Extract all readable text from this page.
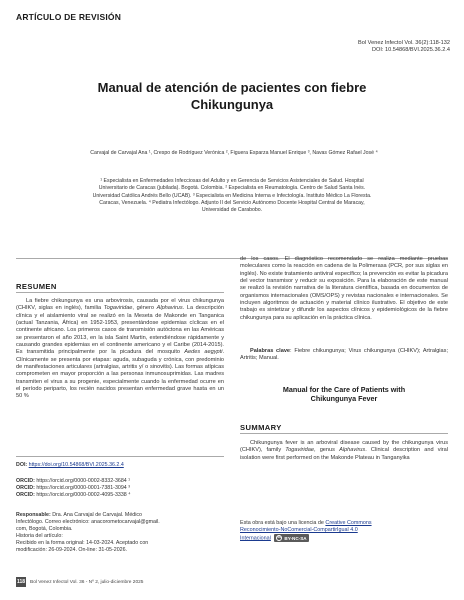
ARTÍCULO DE REVISIÓN
Bol Venez Infectol Vol. 36(2):118-132
DOI: 10.54868/BVI.2025.36.2.4
Manual de atención de pacientes con fiebre
Chikungunya
Carvajal de Carvajal Ana ¹, Crespo de Rodríguez Verónica ², Figuera Esparza Manuel Enrique ³, Navas Gómez Rafael José ⁴
¹ Especialista en Enfermedades Infecciosas del Adulto y en Gerencia de Servicios Asistenciales de Salud. Hospital
Universitario de Caracas (jubilada). Bogotá. Colombia. ² Especialista en Reumatología. Centro de Salud Santa Inés.
Universidad Católica Andrés Bello (UCAB). ³ Especialista en Medicina Interna e Infectología. Instituto Médico La Floresta.
Caracas, Venezuela. ⁴ Pediatra Infectólogo. Adjunto II del Servicio Autónomo Docente Hospital Central de Maracay,
Universidad de Carabobo.
RESUMEN
La fiebre chikungunya es una arbovirosis, causada por el virus chikungunya (CHIKV, siglas en inglés), familia Togaviridae, género Alphavirus. La descripción clínica y el aislamiento viral se realizó en la Meseta de Makonde en Tanganica (actual Tanzania, África) en 1952-1953, presentándose epidemias cíclicas en el continente africano. Los primeros casos de transmisión autóctona en las Américas se presentaron el año 2013, en la isla Saint Martin, extendiéndose rápidamente y causando grandes epidemias en el continente americano y el Caribe (2014-2015). Es transmitida principalmente por la picadura del mosquito Aedes aegypti. Clínicamente se presenta por etapas: aguda, subaguda y crónica, con predominio de manifestaciones articulares (artralgias, artritis y/ o sinovitis). Las formas atípicas comprometen en mayor proporción a las personas inmunosuprimidas. Las madres transmiten el virus a su progenie, especialmente cuando la enfermedad ocurre en el período periparto, los recién nacidos presentan enfermedad grave hasta en un 50 %
DOI: https://doi.org/10.54868/BVI.2025.36.2.4
ORCID: https://orcid.org/0000-0002-8332-3684 ¹
ORCID: https://orcid.org/0000-0001-7381-3094 ³
ORCID: https://orcid.org/0000-0002-4095-3338 ⁴
Responsable: Dra. Ana Carvajal de Carvajal. Médico
Infectólogo. Correo electrónico: anacorometocarvajal@gmail.
com, Bogotá, Colombia.
Historia del artículo:
Recibido en la forma original: 14-03-2024. Aceptado con
modificación: 26-09-2024. On-line: 31-05-2026.
de los casos. El diagnóstico recomendado se realiza mediante pruebas moleculares como la reacción en cadena de la Polimerasa (PCR, por sus siglas en inglés). No existe tratamiento antiviral específico; la prevención es evitar la picadura del vector transmisor y reducir su exposición. Para la elaboración de este manual se realizó la revisión narrativa de la literatura científica, basada en documentos de organismos internacionales (OMS/OPS) y revistas nacionales e internacionales. Se incluyen algoritmos de actuación y material clínico ilustrativo. El objetivo de este trabajo es sintetizar y difundir los aspectos clínicos y epidemiológicos de la fiebre chikungunya para su aplicación en la práctica clínica.
Palabras clave: Fiebre chikungunya; Virus chikungunya (CHIKV); Artralgias; Artritis; Manual.
Manual for the Care of Patients with
Chikungunya Fever
SUMMARY
Chikungunya fever is an arboviral disease caused by the chikungunya virus (CHIKV), family Togaviridae, genus Alphavirus. Clinical description and viral isolation were first performed on the Makonde Plateau in Tanganyika
Esta obra está bajo una licencia de Creative Commons
Reconocimiento-NoComercial-CompartirIgual 4.0
Internacional	cc BY-NC-SA
118 Bol Venez Infectol Vol. 36 - Nº 2, julio-diciembre 2025
